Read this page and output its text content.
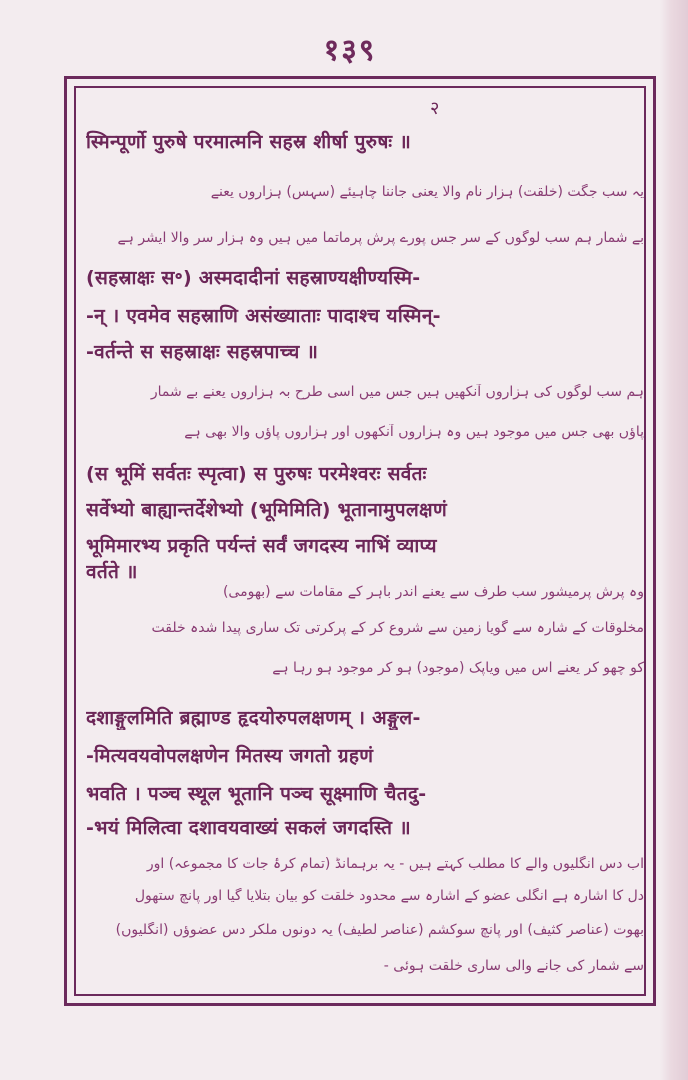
१३९
२
स्मिन्पूर्णो पुरुषे परमात्मनि सहस्र शीर्षा पुरुषः ॥
یہ سب جگت (خلقت) ہزار نام والا یعنی جاننا چاہیئے (سہس) ہزاروں یعنے
بے شمار ہم سب لوگوں کے سر جس پورے پرش پرماتما میں ہیں وہ ہزار سر والا ایشر ہے
(सहस्राक्षः स॰) अस्मदादीनां सहस्राण्यक्षीण्यस्मि-
-न् । एवमेव सहस्राणि असंख्याताः पादाश्च यस्मिन्-
-वर्तन्ते स सहस्राक्षः सहस्रपाच्च ॥
ہم سب لوگوں کی ہزاروں آنکھیں ہیں جس میں اسی طرح بہ ہزاروں یعنے بے شمار
پاؤں بھی جس میں موجود ہیں وہ ہزاروں آنکھوں اور ہزاروں پاؤں والا بھی ہے
(स भूमिं सर्वतः स्पृत्वा) स पुरुषः परमेश्वरः सर्वतः
सर्वेभ्यो बाह्यान्तर्देशेभ्यो (भूमिमिति) भूतानामुपलक्षणं
भूमिमारभ्य प्रकृति पर्यन्तं सर्वं जगदस्य नाभिं व्याप्य
वर्तते ॥
وہ پرش پرمیشور سب طرف سے یعنے اندر باہر کے مقامات سے (بھومی)
مخلوقات کے شارہ سے گویا زمین سے شروع کر کے پرکرتی تک ساری پیدا شدہ خلقت
کو چھو کر یعنے اس میں ویاپک (موجود) ہو کر موجود ہو رہا ہے
दशाङ्गुलमिति ब्रह्माण्ड हृदयोरुपलक्षणम् । अङ्गुल-
-मित्यवयवोपलक्षणेन मितस्य जगतो ग्रहणं
भवति । पञ्च स्थूल भूतानि पञ्च सूक्ष्माणि चैतदु-
-भयं मिलित्वा दशावयवाख्यं सकलं जगदस्ति ॥
اب دس انگلیوں والے کا مطلب کہتے ہیں - یہ برہمانڈ (تمام کرۂ جات کا مجموعہ) اور
دل کا اشارہ ہے انگلی عضو کے اشارہ سے محدود خلقت کو بیان بتلایا گیا اور پانچ ستھول
بھوت (عناصر کثیف) اور پانچ سوکشم (عناصر لطیف) یہ دونوں ملکر دس عضوؤں (انگلیوں)
سے شمار کی جانے والی ساری خلقت ہوئی -
